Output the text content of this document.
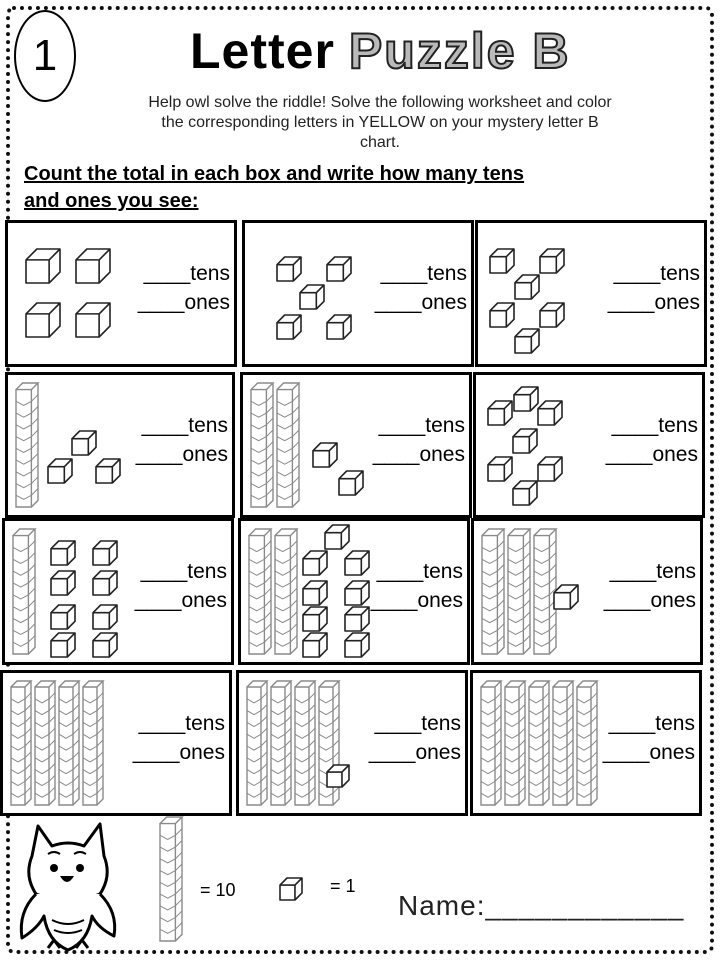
1	Letter Puzzle B
Help owl solve the riddle! Solve the following worksheet and color
the corresponding letters in YELLOW on your mystery letter B
chart.
Count the total in each box and write how many tens
and ones you see:
____tens
____ones
____tens
____ones
____tens
____ones
____tens
____ones
____tens
____ones
____tens
____ones
____tens
____ones
____tens
____ones
____tens
____ones
____tens
____ones
____tens
____ones
____tens
____ones
= 10	= 1
Name:____________
